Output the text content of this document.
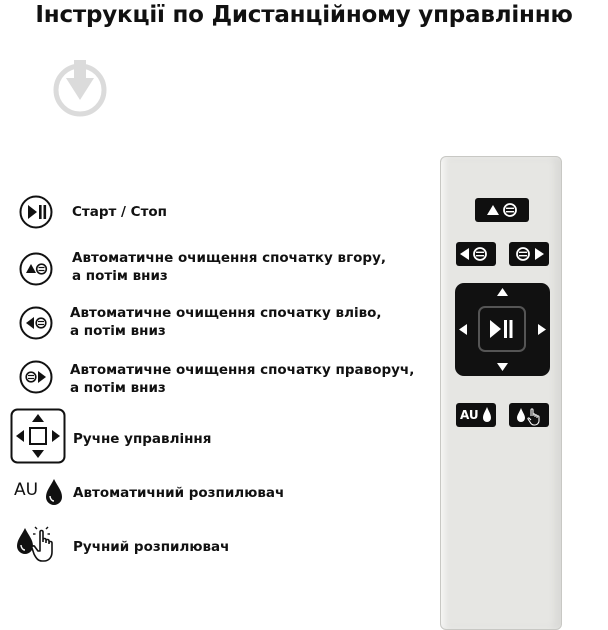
Інструкції по Дистанційному управлінню
Старт / Стоп
Автоматичне очищення спочатку вгору,
а потім вниз
Автоматичне очищення спочатку вліво,
а потім вниз
Автоматичне очищення спочатку праворуч,
а потім вниз
Ручне управління
AU	Автоматичний розпилювач
Ручний розпилювач
AU
